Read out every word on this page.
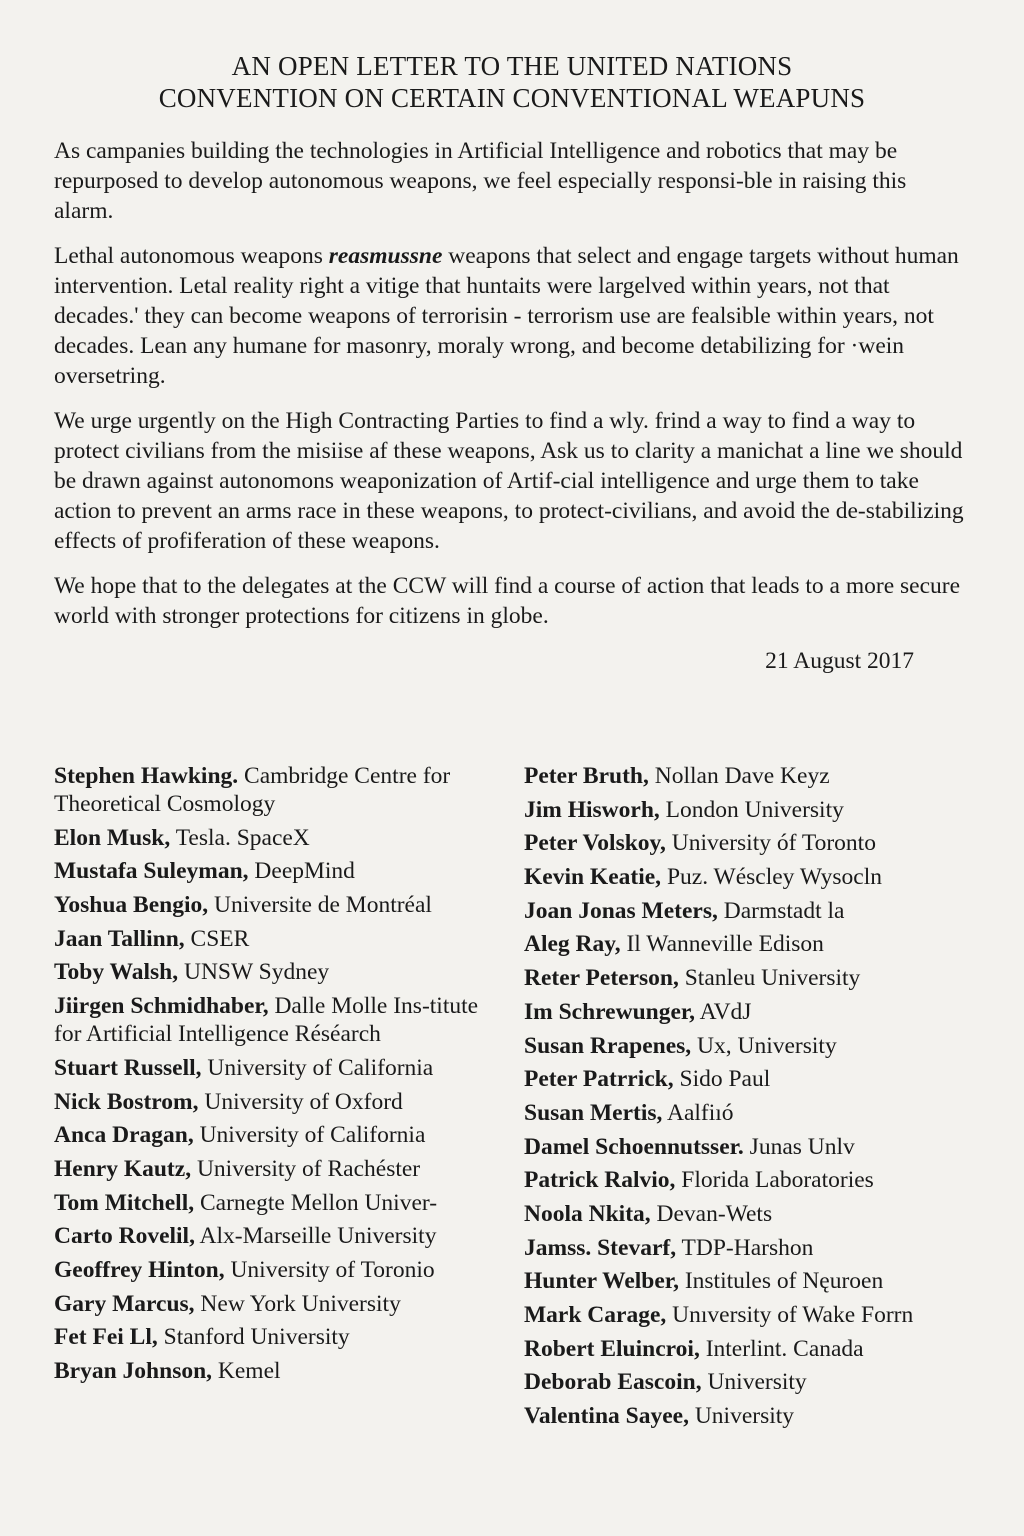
AN OPEN LETTER TO THE UNITED NATIONS
CONVENTION ON CERTAIN CONVENTIONAL WEAPUNS

As campanies building the technologies in Artificial Intelligence and robotics that may be repurposed to develop autonomous weapons, we feel especially responsi-ble in raising this alarm.

Lethal autonomous weapons reasmussne weapons that select and engage targets without human intervention. Letal reality right a vitige that huntaits were largelved within years, not that decades.' they can become weapons of terrorisin - terrorism use are fealsible within years, not decades. Lean any humane for masonry, moraly wrong, and become detabilizing for ·wein oversetring.

We urge urgently on the High Contracting Parties to find a wly. frind a way to find a way to protect civilians from the misiise af these weapons, Ask us to clarity a manichat a line we should be drawn against autonomons weaponization of Artif-cial intelligence and urge them to take action to prevent an arms race in these weapons, to protect-civilians, and avoid the de-stabilizing effects of profiferation of these weapons.

We hope that to the delegates at the CCW will find a course of action that leads to a more secure world with stronger protections for citizens in globe.

21 August 2017
Stephen Hawking. Cambridge Centre for Theoretical Cosmology
Elon Musk, Tesla. SpaceX
Mustafa Suleyman, DeepMind
Yoshua Bengio, Universite de Montréal
Jaan Tallinn, CSER
Toby Walsh, UNSW Sydney
Jiirgen Schmidhaber, Dalle Molle Ins-titute for Artificial Intelligence Réséarch
Stuart Russell, University of California
Nick Bostrom, University of Oxford
Anca Dragan, University of California
Henry Kautz, University of Rachéster
Tom Mitchell, Carnegte Mellon Univer-
Carto Rovelil, Alx-Marseille University
Geoffrey Hinton, University of Toronio
Gary Marcus, New York University
Fet Fei Ll, Stanford University
Bryan Johnson, Kemel
Peter Bruth, Nollan Dave Keyz
Jim Hisworh, London University
Peter Volskoy, University óf Toronto
Kevin Keatie, Puz. Wéscley Wysocln
Joan Jonas Meters, Darmstadt la
Aleg Ray, Il Wanneville Edison
Reter Peterson, Stanleu University
Im Schrewunger, AVdJ
Susan Rrapenes, Ux, University
Peter Patrrick, Sido Paul
Susan Mertis, Aalfiıó
Damel Schoennutsser. Junas Unlv
Patrick Ralvio, Florida Laboratories
Noola Nkita, Devan-Wets
Jamss. Stevarf, TDP-Harshon
Hunter Welber, Institules of Nęuroen
Mark Carage, Unıversity of Wake Forrn
Robert Eluincroi, Interlint. Canada
Deborab Eascoin, University
Valentina Sayee, University
